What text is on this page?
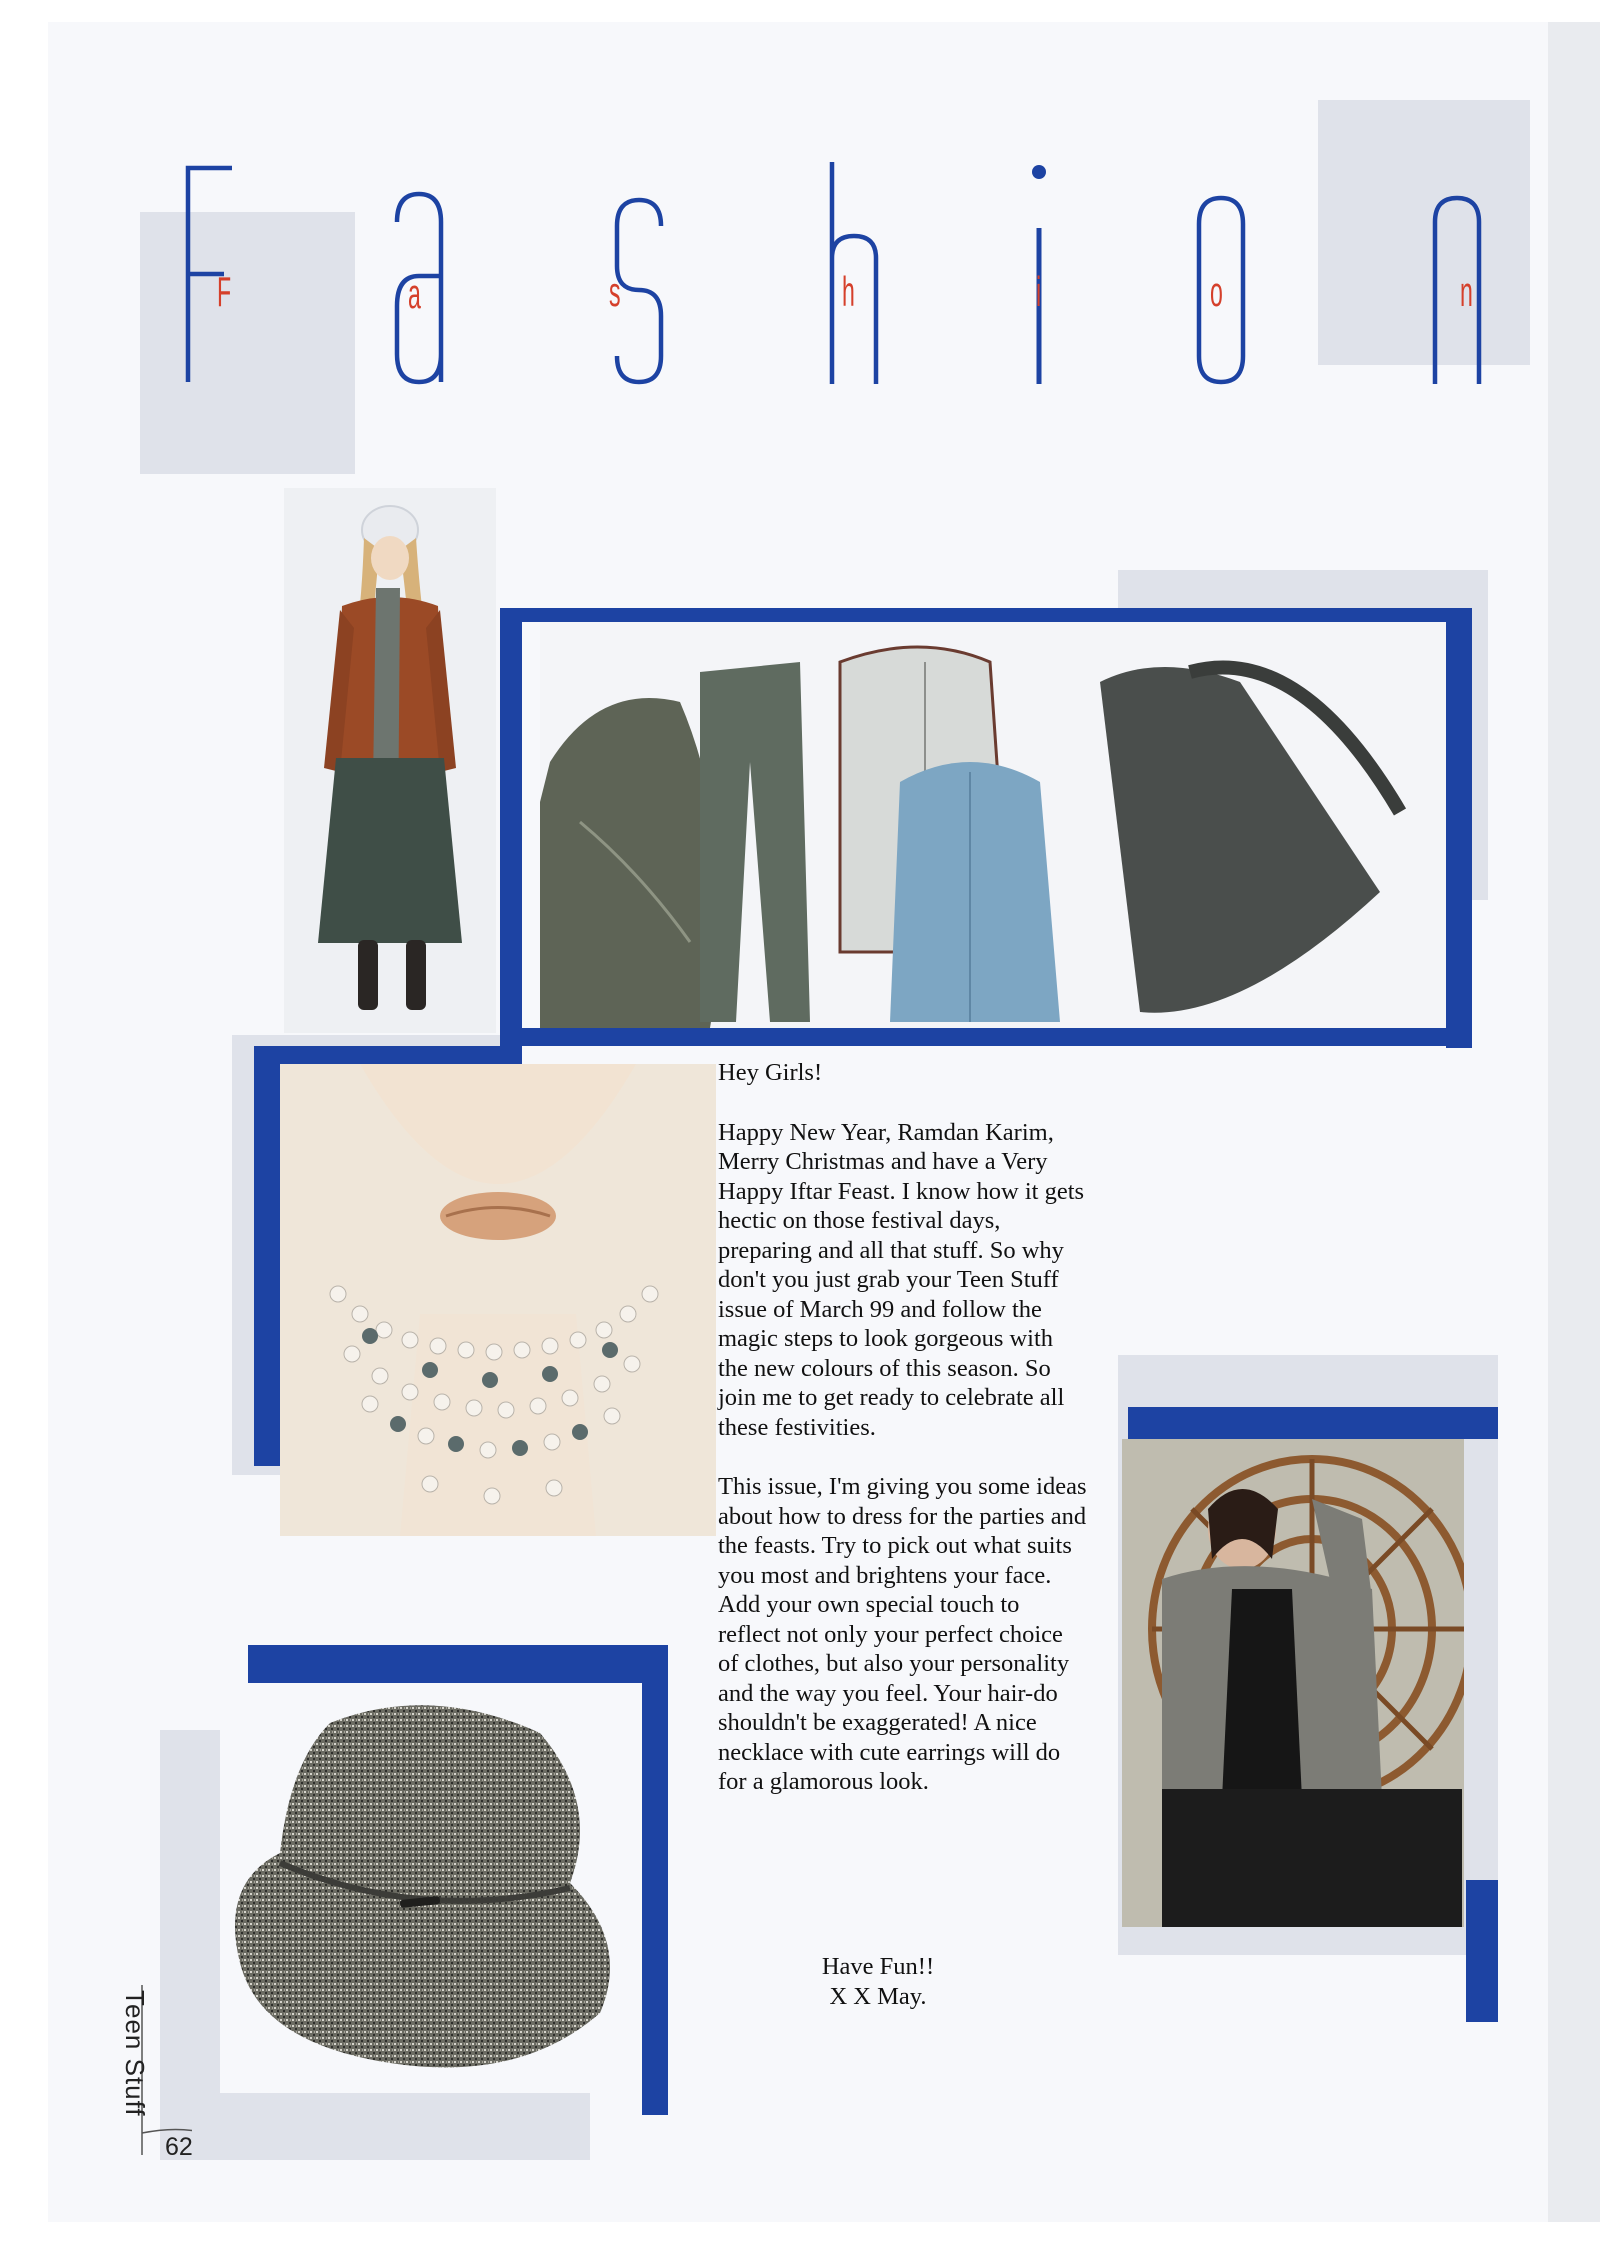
F	a	s	h	i	o	n

Hey Girls!

Happy New Year, Ramdan Karim, Merry Christmas and have a Very Happy Iftar Feast. I know how it gets hectic on those festival days, preparing and all that stuff. So why don't you just grab your Teen Stuff issue of March 99 and follow the magic steps to look gorgeous with the new colours of this season. So join me to get ready to celebrate all these festivities.

This issue, I'm giving you some ideas about how to dress for the parties and the feasts. Try to pick out what suits you most and brightens your face. Add your own special touch to reflect not only your perfect choice of clothes, but also your personality and the way you feel. Your hair-do shouldn't be exaggerated! A nice necklace with cute earrings will do for a glamorous look.

Have Fun!!
X X May.
Teen Stuff
62
